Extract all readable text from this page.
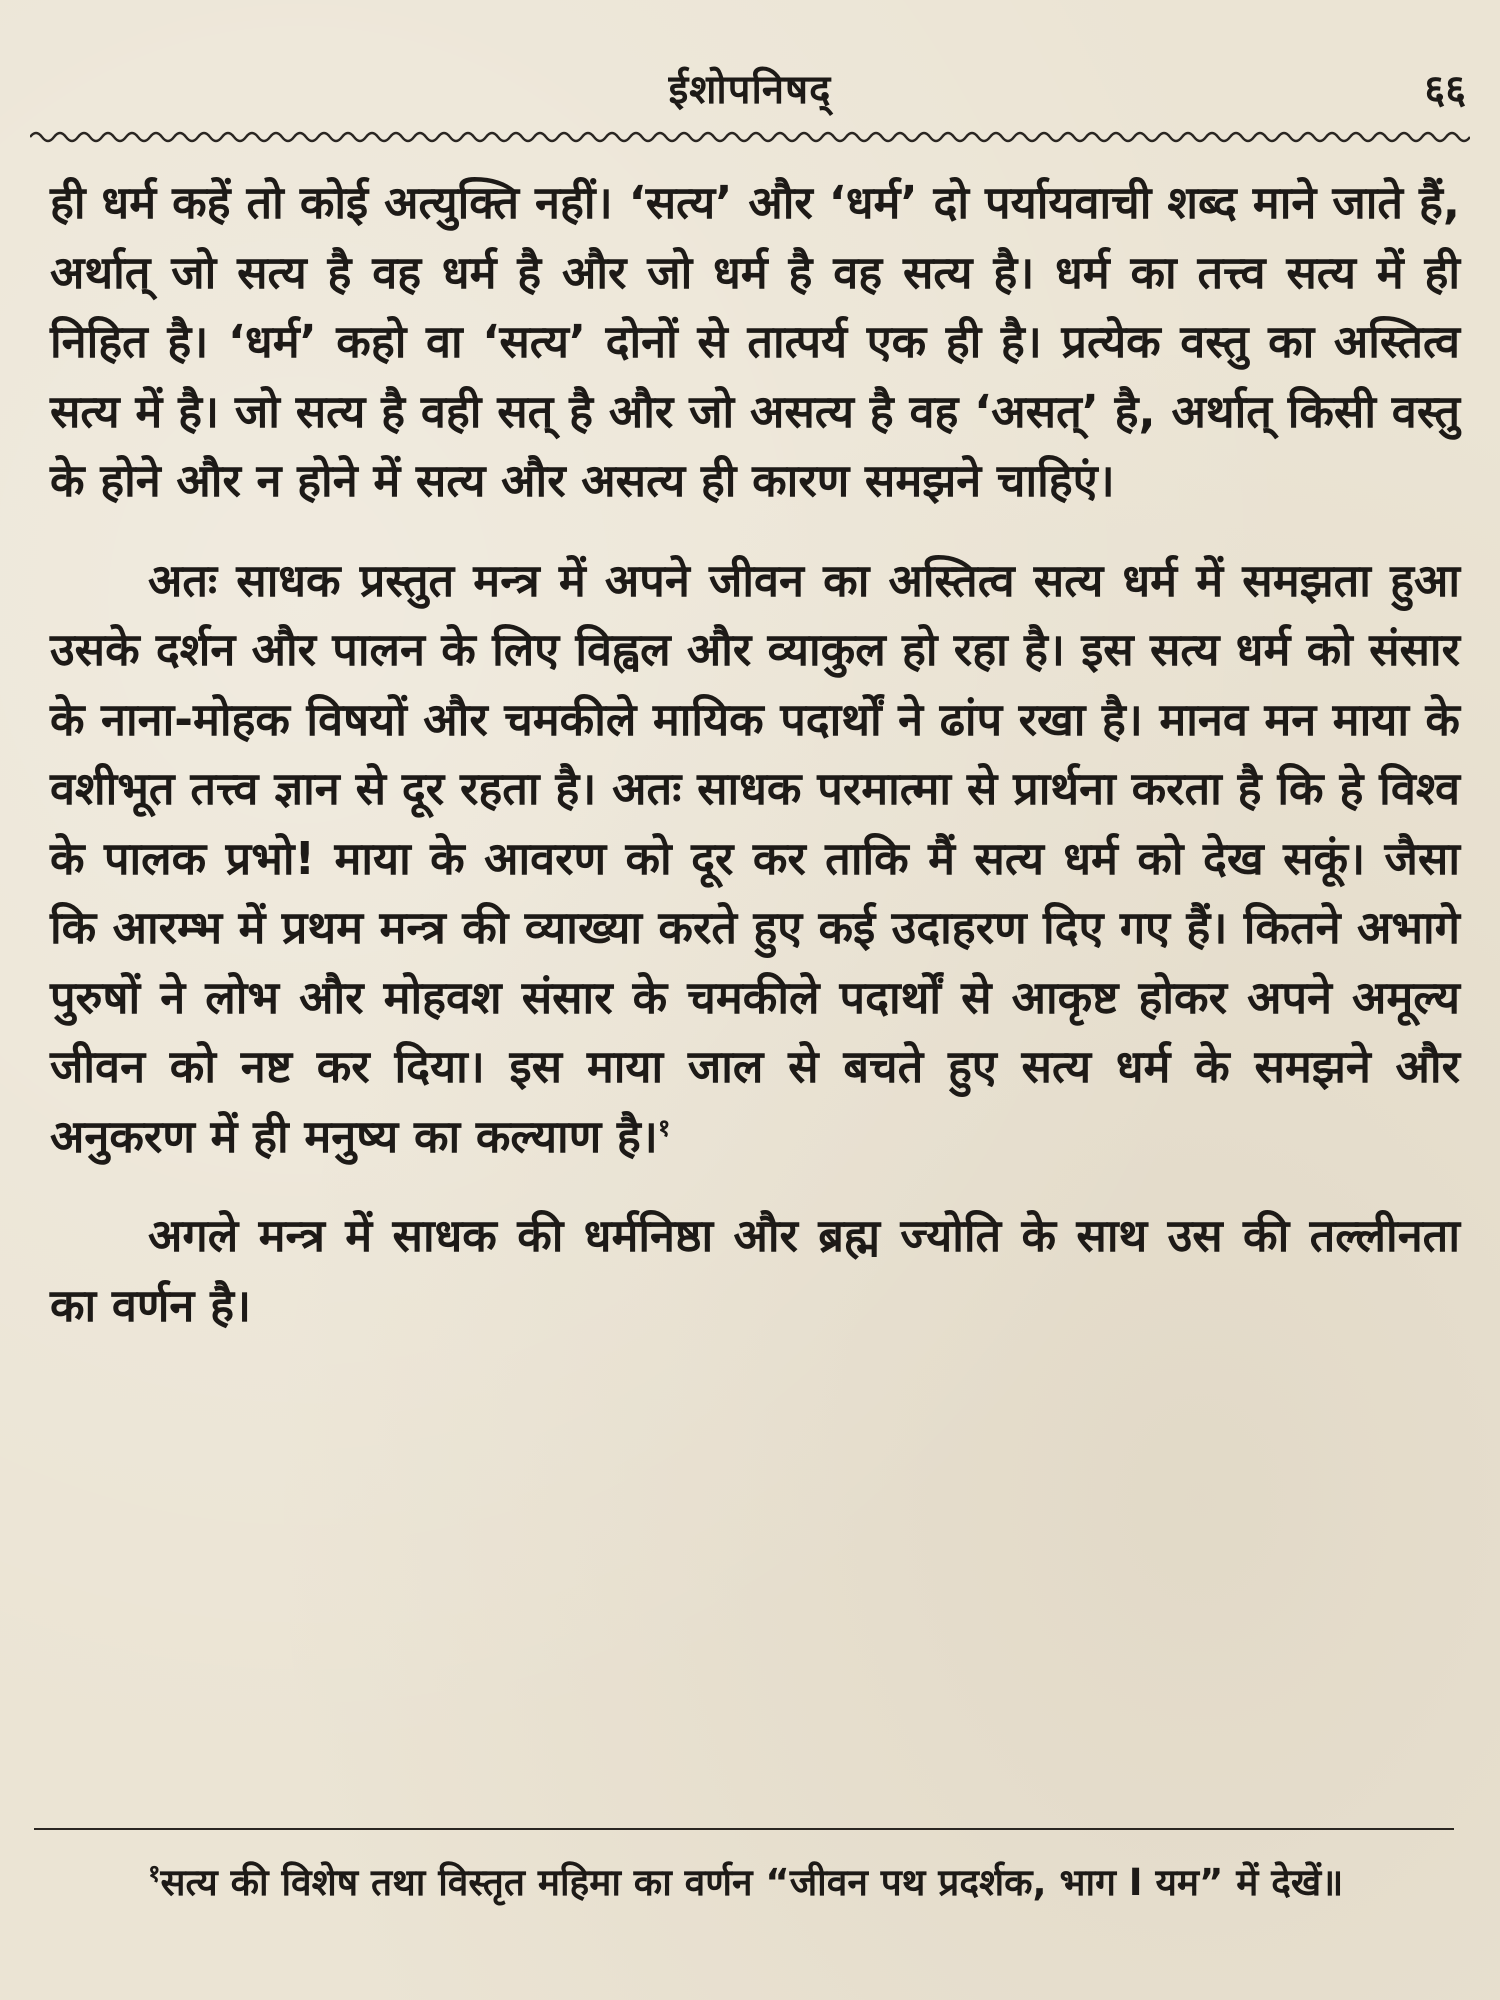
ईशोपनिषद्	६६

ही धर्म कहें तो कोई अत्युक्ति नहीं। ‘सत्य’ और ‘धर्म’ दो पर्यायवाची शब्द माने जाते हैं, अर्थात् जो सत्य है वह धर्म है और जो धर्म है वह सत्य है। धर्म का तत्त्व सत्य में ही निहित है। ‘धर्म’ कहो वा ‘सत्य’ दोनों से तात्पर्य एक ही है। प्रत्येक वस्तु का अस्तित्व सत्य में है। जो सत्य है वही सत् है और जो असत्य है वह ‘असत्’ है, अर्थात् किसी वस्तु के होने और न होने में सत्य और असत्य ही कारण समझने चाहिएं।

अतः साधक प्रस्तुत मन्त्र में अपने जीवन का अस्तित्व सत्य धर्म में समझता हुआ उसके दर्शन और पालन के लिए विह्वल और व्याकुल हो रहा है। इस सत्य धर्म को संसार के नाना-मोहक विषयों और चमकीले मायिक पदार्थों ने ढांप रखा है। मानव मन माया के वशीभूत तत्त्व ज्ञान से दूर रहता है। अतः साधक परमात्मा से प्रार्थना करता है कि हे विश्व के पालक प्रभो! माया के आवरण को दूर कर ताकि मैं सत्य धर्म को देख सकूं। जैसा कि आरम्भ में प्रथम मन्त्र की व्याख्या करते हुए कई उदाहरण दिए गए हैं। कितने अभागे पुरुषों ने लोभ और मोहवश संसार के चमकीले पदार्थों से आकृष्ट होकर अपने अमूल्य जीवन को नष्ट कर दिया। इस माया जाल से बचते हुए सत्य धर्म के समझने और अनुकरण में ही मनुष्य का कल्याण है।$^१$

अगले मन्त्र में साधक की धर्मनिष्ठा और ब्रह्म ज्योति के साथ उस की तल्लीनता का वर्णन है।

$^१$सत्य की विशेष तथा विस्तृत महिमा का वर्णन “जीवन पथ प्रदर्शक, भाग I यम” में देखें॥
